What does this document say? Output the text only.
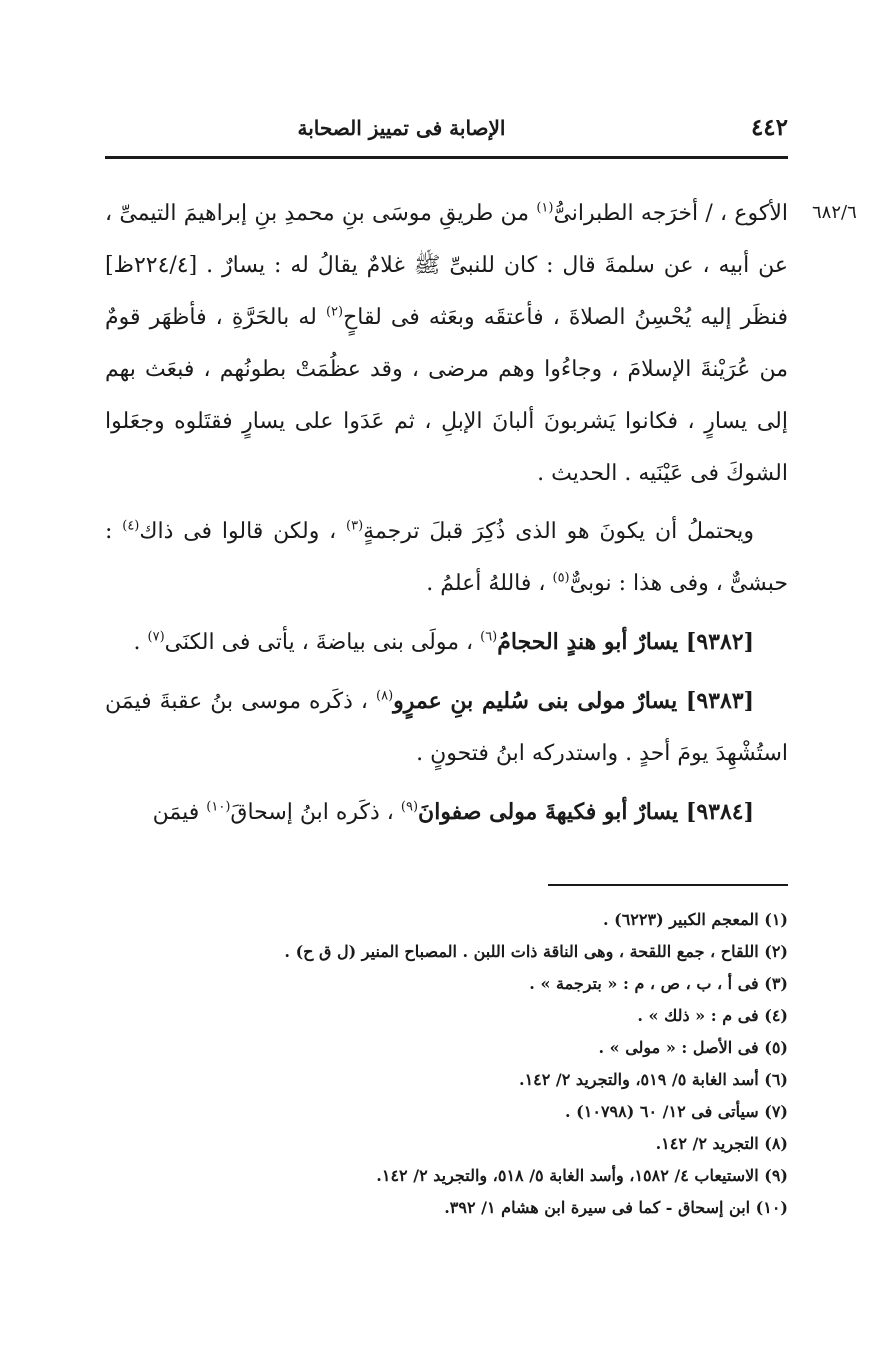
٤٤٢
الإصابة فى تمييز الصحابة
٦٨٢/٦

الأكوع ، / أخرَجه الطبرانىُّ$^{(١)}$ من طريقِ موسَى بنِ محمدِ بنِ إبراهيمَ التيمىِّ ، عن أبيه ، عن سلمةَ قال : كان للنبىِّ ﷺ غلامٌ يقالُ له : يسارٌ . [٢٢٤/٤ظ] فنظَر إليه يُحْسِنُ الصلاةَ ، فأعتقَه وبعَثه فى لقاحٍ$^{(٢)}$ له بالحَرَّةِ ، فأظهَر قومٌ من عُرَيْنةَ الإسلامَ ، وجاءُوا وهم مرضى ، وقد عظُمَتْ بطونُهم ، فبعَث بهم إلى يسارٍ ، فكانوا يَشربونَ ألبانَ الإبلِ ، ثم عَدَوا على يسارٍ فقتَلوه وجعَلوا الشوكَ فى عَيْنَيه . الحديث .

ويحتملُ أن يكونَ هو الذى ذُكِرَ قبلَ ترجمةٍ$^{(٣)}$ ، ولكن قالوا فى ذاك$^{(٤)}$ : حبشىٌّ ، وفى هذا : نوبىٌّ$^{(٥)}$ ، فاللهُ أعلمُ .

[٩٣٨٢] يسارٌ أبو هندٍ الحجامُ$^{(٦)}$ ، مولَى بنى بياضةَ ، يأتى فى الكنَى$^{(٧)}$ .

[٩٣٨٣] يسارٌ مولى بنى سُليم بنِ عمرٍو$^{(٨)}$ ، ذكَره موسى بنُ عقبةَ فيمَن استُشْهِدَ يومَ أحدٍ . واستدركه ابنُ فتحونٍ .

[٩٣٨٤] يسارٌ أبو فكيهةَ مولى صفوانَ$^{(٩)}$ ، ذكَره ابنُ إسحاقَ$^{(١٠)}$ فيمَن

(١) المعجم الكبير (٦٢٢٣) .
(٢) اللقاح ، جمع اللقحة ، وهى الناقة ذات اللبن . المصباح المنير (ل ق ح) .
(٣) فى أ ، ب ، ص ، م : « بترجمة » .
(٤) فى م : « ذلك » .
(٥) فى الأصل : « مولى » .
(٦) أسد الغابة ٥/ ٥١٩، والتجريد ٢/ ١٤٢.
(٧) سيأتى فى ١٢/ ٦٠ (١٠٧٩٨) .
(٨) التجريد ٢/ ١٤٢.
(٩) الاستيعاب ٤/ ١٥٨٢، وأسد الغابة ٥/ ٥١٨، والتجريد ٢/ ١٤٢.
(١٠) ابن إسحاق - كما فى سيرة ابن هشام ١/ ٣٩٢.
